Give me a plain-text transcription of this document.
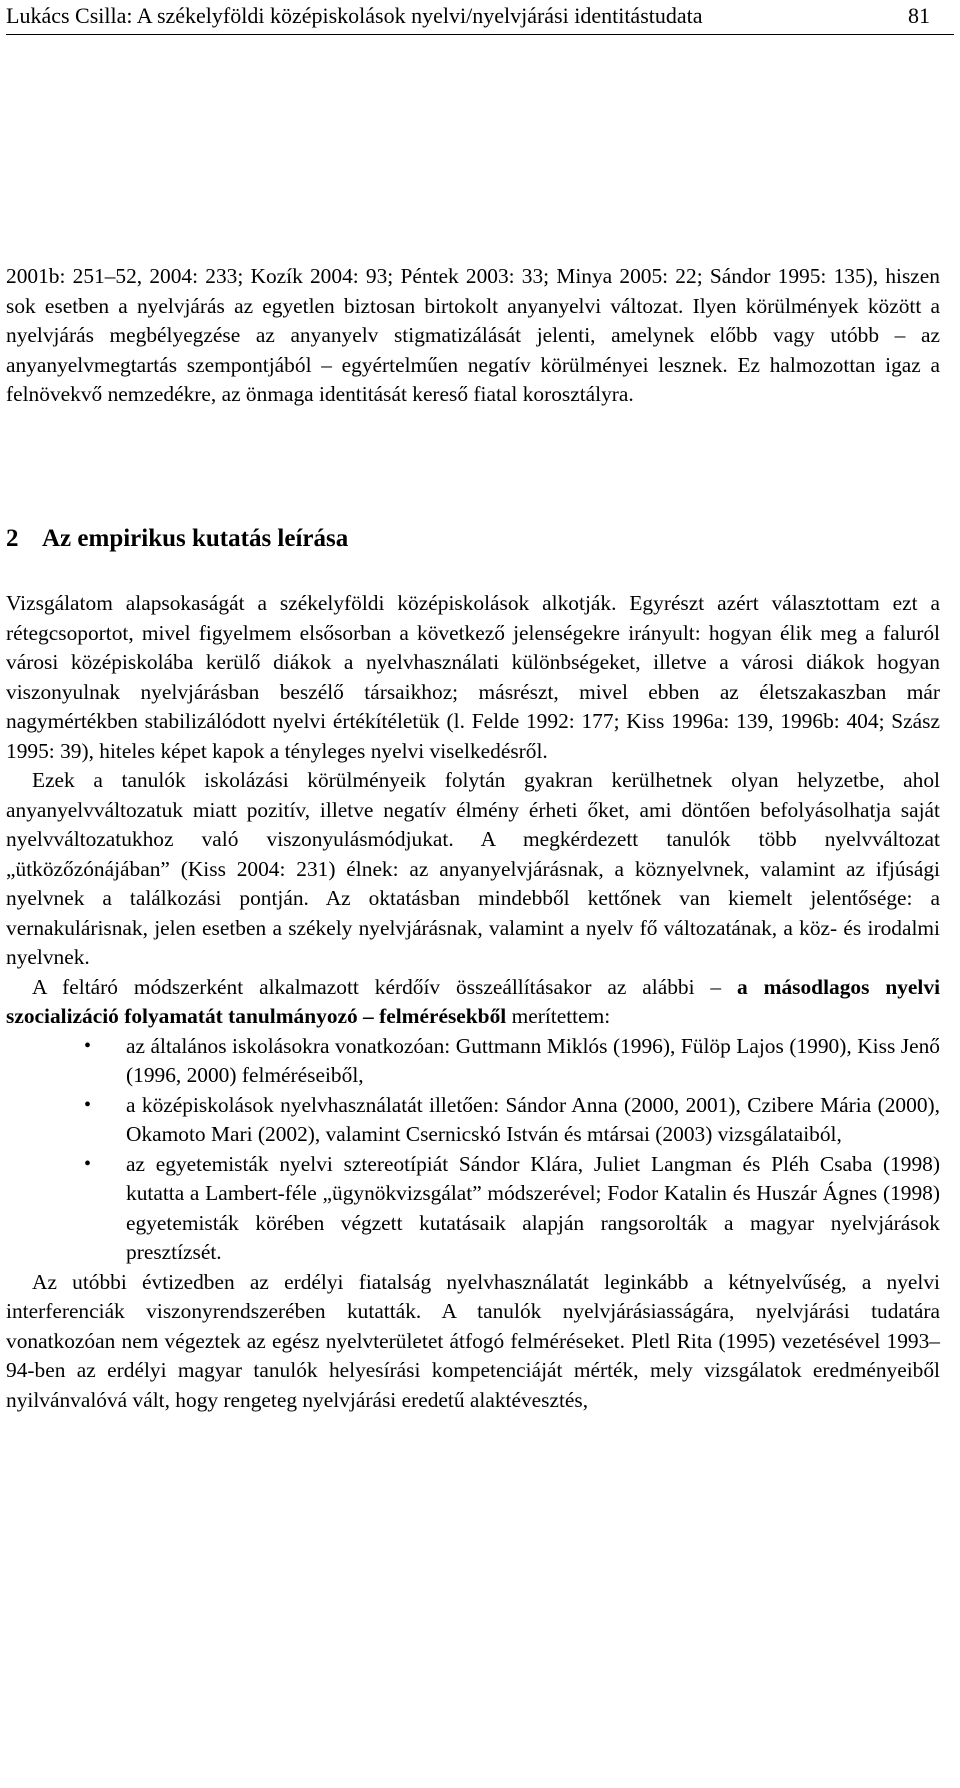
Lukács Csilla: A székelyföldi középiskolások nyelvi/nyelvjárási identitástudata	81

2001b: 251–52, 2004: 233; Kozík 2004: 93; Péntek 2003: 33; Minya 2005: 22; Sándor 1995: 135), hiszen sok esetben a nyelvjárás az egyetlen biztosan birtokolt anyanyelvi változat. Ilyen körülmények között a nyelvjárás megbélyegzése az anyanyelv stigmatizálását jelenti, amelynek előbb vagy utóbb – az anyanyelvmegtartás szempontjából – egyértelműen negatív körülményei lesznek. Ez halmozottan igaz a felnövekvő nemzedékre, az önmaga identitását kereső fiatal korosztályra.

2 Az empirikus kutatás leírása

Vizsgálatom alapsokaságát a székelyföldi középiskolások alkotják. Egyrészt azért választottam ezt a rétegcsoportot, mivel figyelmem elsősorban a következő jelenségekre irányult: hogyan élik meg a faluról városi középiskolába kerülő diákok a nyelvhasználati különbségeket, illetve a városi diákok hogyan viszonyulnak nyelvjárásban beszélő társaikhoz; másrészt, mivel ebben az életszakaszban már nagymértékben stabilizálódott nyelvi értékítéletük (l. Felde 1992: 177; Kiss 1996a: 139, 1996b: 404; Szász 1995: 39), hiteles képet kapok a tényleges nyelvi viselkedésről.

Ezek a tanulók iskolázási körülményeik folytán gyakran kerülhetnek olyan helyzetbe, ahol anyanyelvváltozatuk miatt pozitív, illetve negatív élmény érheti őket, ami döntően befolyásolhatja saját nyelvváltozatukhoz való viszonyulásmódjukat. A megkérdezett tanulók több nyelvváltozat „ütközőzónájában” (Kiss 2004: 231) élnek: az anyanyelvjárásnak, a köznyelvnek, valamint az ifjúsági nyelvnek a találkozási pontján. Az oktatásban mindebből kettőnek van kiemelt jelentősége: a vernakulárisnak, jelen esetben a székely nyelvjárásnak, valamint a nyelv fő változatának, a köz- és irodalmi nyelvnek.

A feltáró módszerként alkalmazott kérdőív összeállításakor az alábbi – a másodlagos nyelvi szocializáció folyamatát tanulmányozó – felmérésekből merítettem:

• az általános iskolásokra vonatkozóan: Guttmann Miklós (1996), Fülöp Lajos (1990), Kiss Jenő (1996, 2000) felméréseiből,
• a középiskolások nyelvhasználatát illetően: Sándor Anna (2000, 2001), Czibere Mária (2000), Okamoto Mari (2002), valamint Csernicskó István és mtársai (2003) vizsgálataiból,
• az egyetemisták nyelvi sztereotípiát Sándor Klára, Juliet Langman és Pléh Csaba (1998) kutatta a Lambert-féle „ügynökvizsgálat” módszerével; Fodor Katalin és Huszár Ágnes (1998) egyetemisták körében végzett kutatásaik alapján rangsorolták a magyar nyelvjárások presztízsét.

Az utóbbi évtizedben az erdélyi fiatalság nyelvhasználatát leginkább a kétnyelvűség, a nyelvi interferenciák viszonyrendszerében kutatták. A tanulók nyelvjárásiasságára, nyelvjárási tudatára vonatkozóan nem végeztek az egész nyelvterületet átfogó felméréseket. Pletl Rita (1995) vezetésével 1993–94-ben az erdélyi magyar tanulók helyesírási kompetenciáját mérték, mely vizsgálatok eredményeiből nyilvánvalóvá vált, hogy rengeteg nyelvjárási eredetű alaktévesztés,
